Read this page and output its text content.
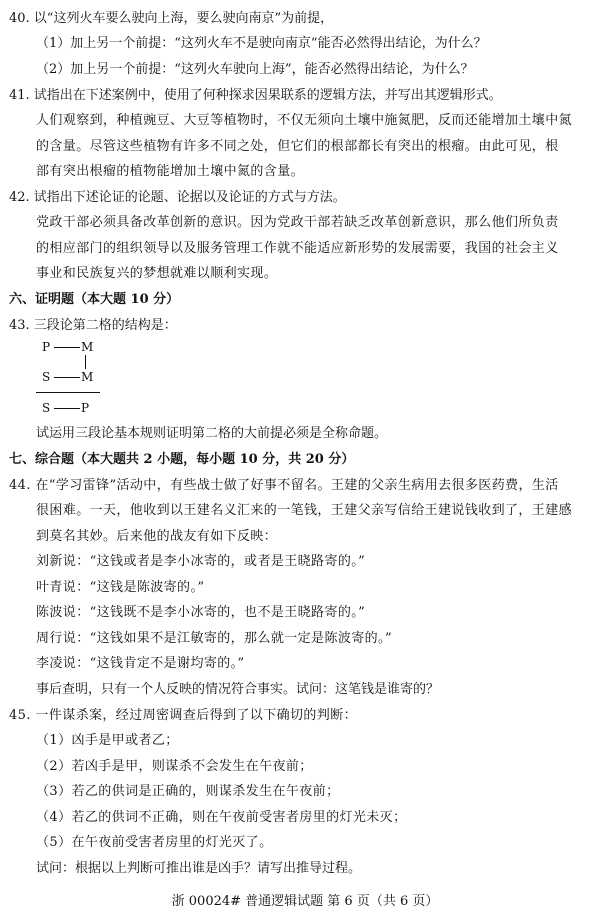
40. 以“这列火车要么驶向上海，要么驶向南京”为前提，
（1）加上另一个前提：“这列火车不是驶向南京”能否必然得出结论，为什么？
（2）加上另一个前提：“这列火车驶向上海”，能否必然得出结论，为什么？
41. 试指出在下述案例中，使用了何种探求因果联系的逻辑方法，并写出其逻辑形式。
人们观察到，种植豌豆、大豆等植物时，不仅无须向土壤中施氮肥，反而还能增加土壤中氮
的含量。尽管这些植物有许多不同之处，但它们的根部都长有突出的根瘤。由此可见，根
部有突出根瘤的植物能增加土壤中氮的含量。
42. 试指出下述论证的论题、论据以及论证的方式与方法。
党政干部必须具备改革创新的意识。因为党政干部若缺乏改革创新意识，那么他们所负责
的相应部门的组织领导以及服务管理工作就不能适应新形势的发展需要，我国的社会主义
事业和民族复兴的梦想就难以顺利实现。
六、证明题（本大题 10 分）
43. 三段论第二格的结构是：
P	M
S	M
S	P
试运用三段论基本规则证明第二格的大前提必须是全称命题。
七、综合题（本大题共 2 小题，每小题 10 分，共 20 分）
44. 在“学习雷锋”活动中，有些战士做了好事不留名。王建的父亲生病用去很多医药费，生活
很困难。一天，他收到以王建名义汇来的一笔钱，王建父亲写信给王建说钱收到了，王建感
到莫名其妙。后来他的战友有如下反映：
刘新说：“这钱或者是李小冰寄的，或者是王晓路寄的。”
叶青说：“这钱是陈波寄的。”
陈波说：“这钱既不是李小冰寄的，也不是王晓路寄的。”
周行说：“这钱如果不是江敏寄的，那么就一定是陈波寄的。”
李凌说：“这钱肯定不是谢均寄的。”
事后查明，只有一个人反映的情况符合事实。试问：这笔钱是谁寄的？
45. 一件谋杀案，经过周密调查后得到了以下确切的判断：
（1）凶手是甲或者乙；
（2）若凶手是甲，则谋杀不会发生在午夜前；
（3）若乙的供词是正确的，则谋杀发生在午夜前；
（4）若乙的供词不正确，则在午夜前受害者房里的灯光未灭；
（5）在午夜前受害者房里的灯光灭了。
试问：根据以上判断可推出谁是凶手？请写出推导过程。
浙 00024# 普通逻辑试题 第 6 页（共 6 页）
